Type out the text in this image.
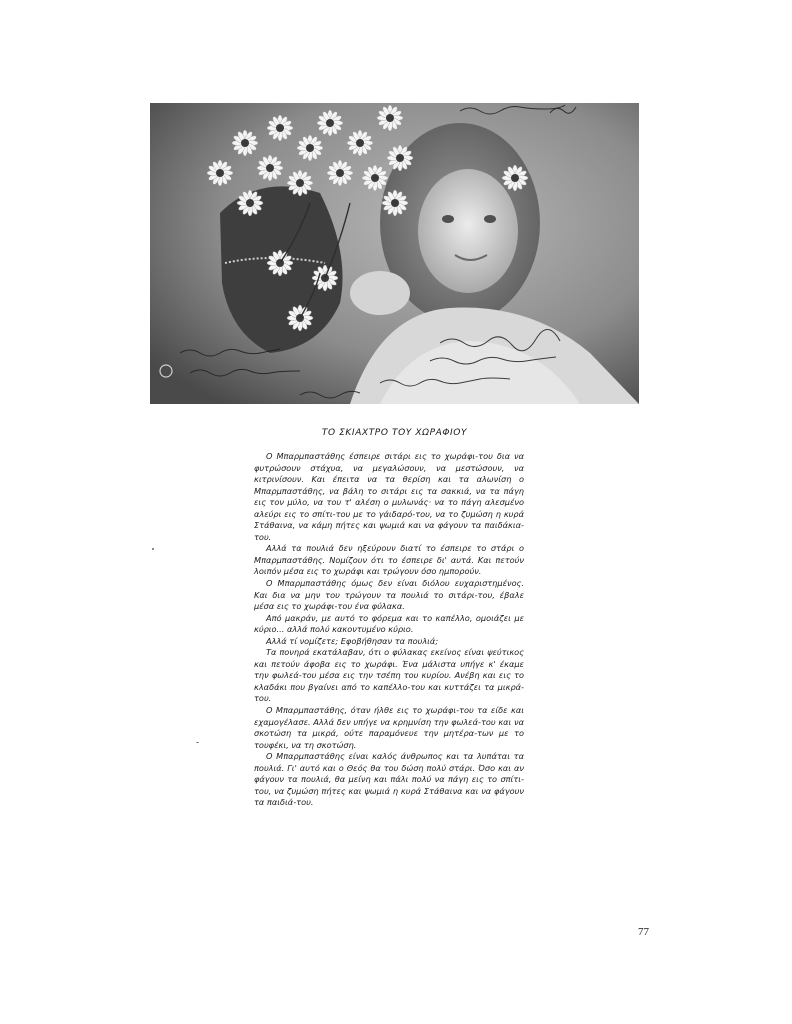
ΤΟ ΣΚΙΑΧΤΡΟ ΤΟΥ ΧΩΡΑΦΙΟΥ

Ο Μπαρμπαστάθης έσπειρε σιτάρι εις το χωράφι-του δια να φυτρώσουν στάχυα, να μεγαλώσουν, να μεστώσουν, να κιτρινίσουν. Και έπειτα να τα θερίση και τα αλωνίση ο Μπαρμπαστάθης, να βάλη το σιτάρι εις τα σακκιά, να τα πάγη εις τον μύλο, να του τ' αλέση ο μυλωνάς· να το πάγη αλεσμένο αλεύρι εις το σπίτι-του με το γάιδαρό-του, να το ζυμώση η κυρά Στάθαινα, να κάμη πήτες και ψωμιά και να φάγουν τα παιδάκια-του.

Αλλά τα πουλιά δεν ηξεύρουν διατί το έσπειρε το στάρι ο Μπαρμπαστάθης. Νομίζουν ότι το έσπειρε δι' αυτά. Και πετούν λοιπόν μέσα εις το χωράφι και τρώγουν όσο ημπορούν.

Ο Μπαρμπαστάθης όμως δεν είναι διόλου ευχαριστημένος. Και δια να μην του τρώγουν τα πουλιά το σιτάρι-του, έβαλε μέσα εις το χωράφι-του ένα φύλακα.

Από μακράν, με αυτό το φόρεμα και το καπέλλο, ομοιάζει με κύριο... αλλά πολύ κακοντυμένο κύριο.

Αλλά τί νομίζετε; Εφοβήθησαν τα πουλιά;

Τα πονηρά εκατάλαβαν, ότι ο φύλακας εκείνος είναι ψεύτικος και πετούν άφοβα εις το χωράφι. Ένα μάλιστα υπήγε κ' έκαμε την φωλεά-του μέσα εις την τσέπη του κυρίου. Ανέβη και εις το κλαδάκι που βγαίνει από το καπέλλο-του και κυττάζει τα μικρά-του.

Ο Μπαρμπαστάθης, όταν ήλθε εις το χωράφι-του τα είδε και εχαμογέλασε. Αλλά δεν υπήγε να κρημνίση την φωλεά-του και να σκοτώση τα μικρά, ούτε παραμόνευε την μητέρα-των με το τουφέκι, να τη σκοτώση.

Ο Μπαρμπαστάθης είναι καλός άνθρωπος και τα λυπάται τα πουλιά. Γι' αυτό και ο Θεός θα του δώση πολύ στάρι. Όσο και αν φάγουν τα πουλιά, θα μείνη και πάλι πολύ να πάγη εις το σπίτι-του, να ζυμώση πήτες και ψωμιά η κυρά Στάθαινα και να φάγουν τα παιδιά-του.

77
